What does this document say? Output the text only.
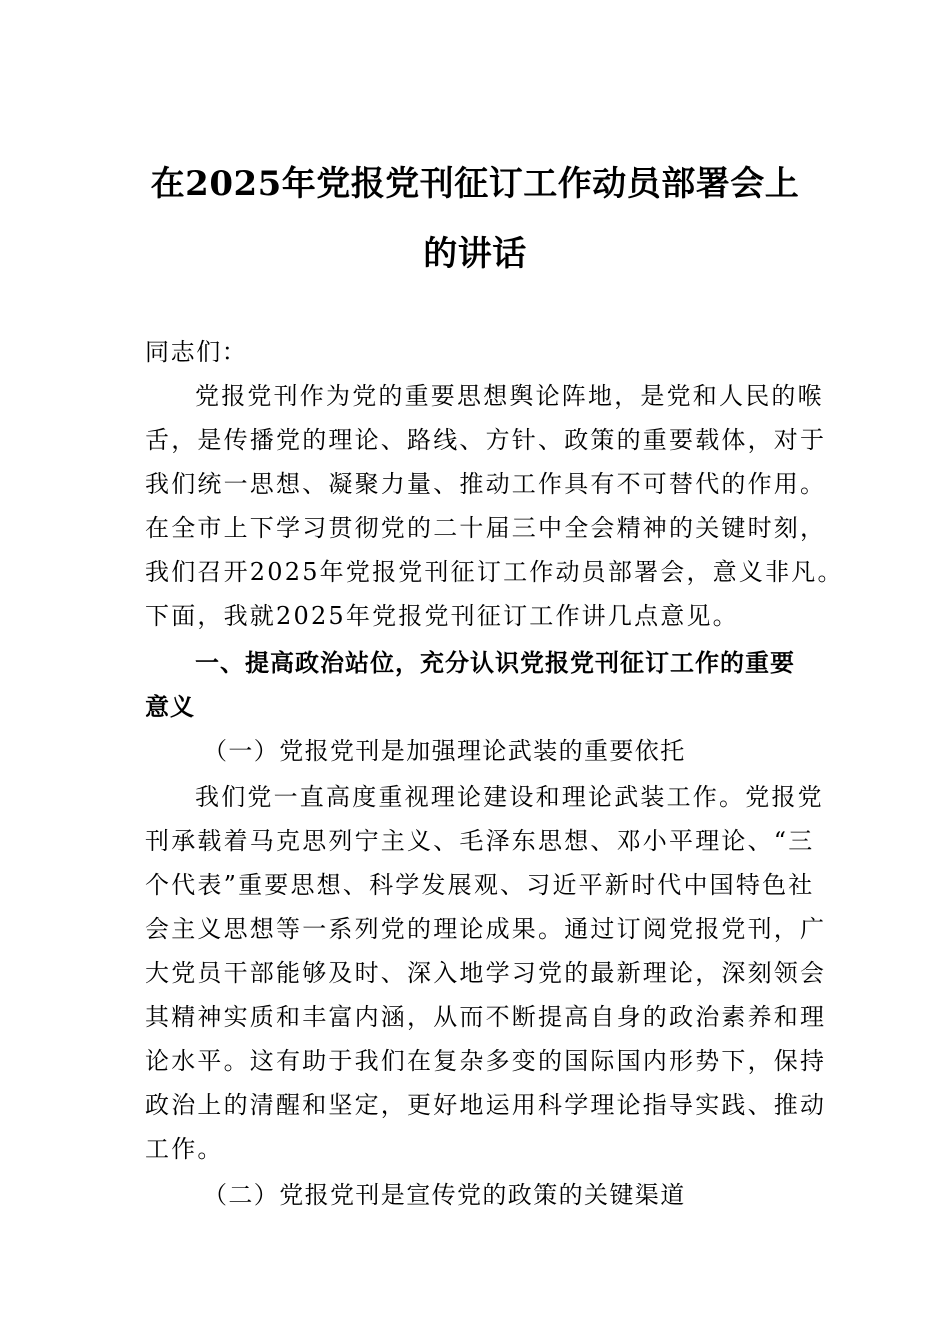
在2025年党报党刊征订工作动员部署会上
的讲话
同志们：
党报党刊作为党的重要思想舆论阵地，是党和人民的喉
舌，是传播党的理论、路线、方针、政策的重要载体，对于
我们统一思想、凝聚力量、推动工作具有不可替代的作用。
在全市上下学习贯彻党的二十届三中全会精神的关键时刻，
我们召开2025年党报党刊征订工作动员部署会，意义非凡。
下面，我就2025年党报党刊征订工作讲几点意见。
一、提高政治站位，充分认识党报党刊征订工作的重要
意义
（一）党报党刊是加强理论武装的重要依托
我们党一直高度重视理论建设和理论武装工作。党报党
刊承载着马克思列宁主义、毛泽东思想、邓小平理论、“三
个代表”重要思想、科学发展观、习近平新时代中国特色社
会主义思想等一系列党的理论成果。通过订阅党报党刊，广
大党员干部能够及时、深入地学习党的最新理论，深刻领会
其精神实质和丰富内涵，从而不断提高自身的政治素养和理
论水平。这有助于我们在复杂多变的国际国内形势下，保持
政治上的清醒和坚定，更好地运用科学理论指导实践、推动
工作。
（二）党报党刊是宣传党的政策的关键渠道
